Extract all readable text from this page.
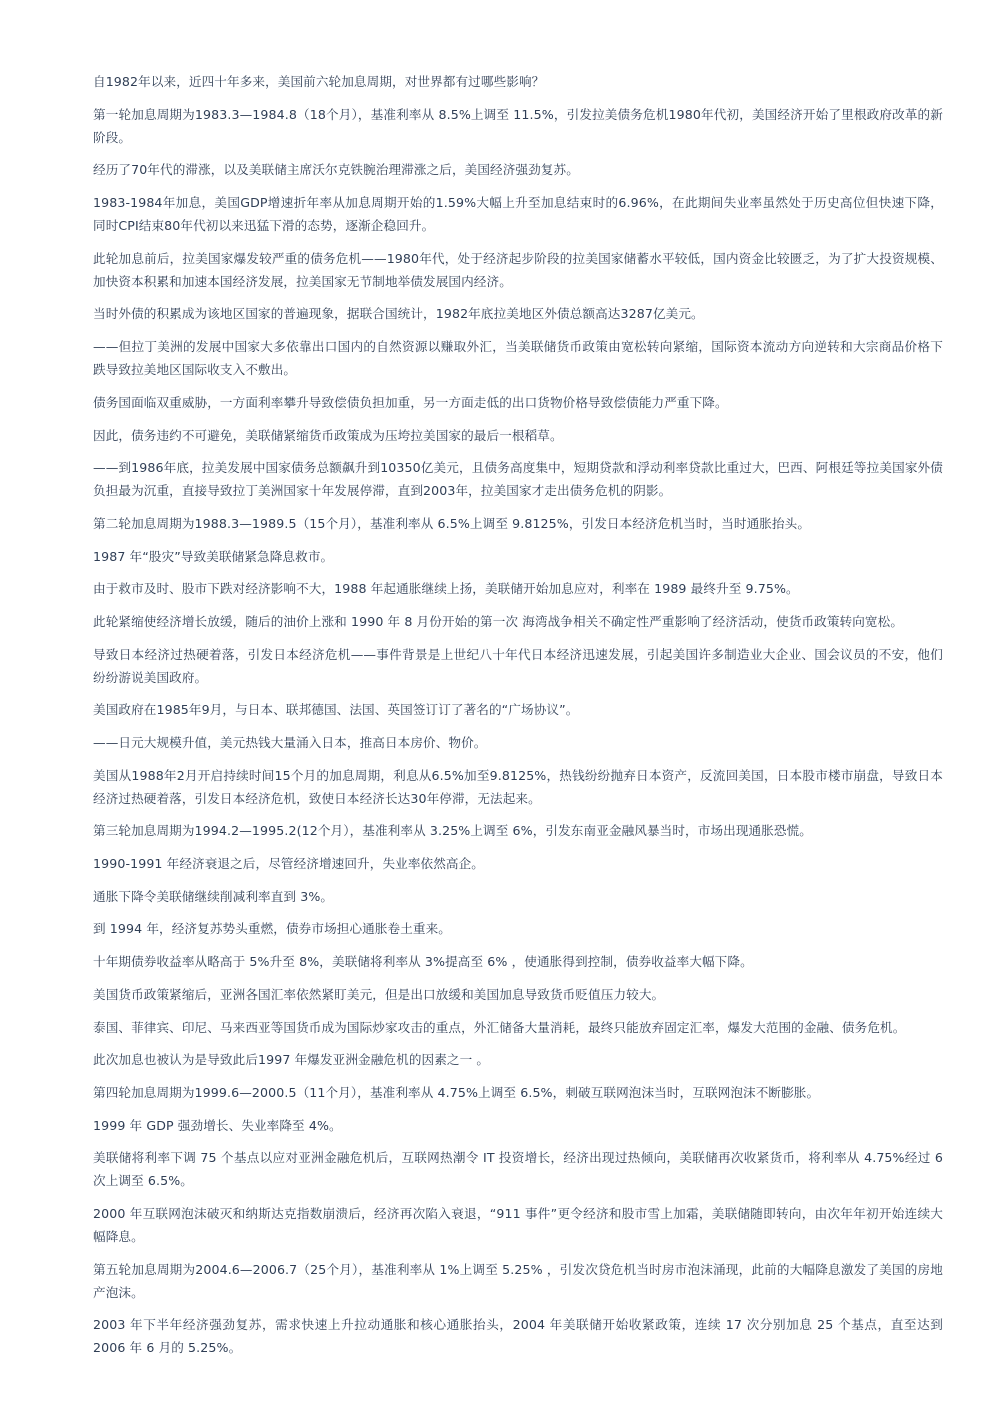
自1982年以来，近四十年多来，美国前六轮加息周期，对世界都有过哪些影响？

第一轮加息周期为1983.3—1984.8（18个月），基准利率从 8.5%上调至 11.5%，引发拉美债务危机1980年代初，美国经济开始了里根政府改革的新阶段。

经历了70年代的滞涨，以及美联储主席沃尔克铁腕治理滞涨之后，美国经济强劲复苏。

1983-1984年加息，美国GDP增速折年率从加息周期开始的1.59%大幅上升至加息结束时的6.96%，在此期间失业率虽然处于历史高位但快速下降，同时CPI结束80年代初以来迅猛下滑的态势，逐渐企稳回升。

此轮加息前后，拉美国家爆发较严重的债务危机——1980年代，处于经济起步阶段的拉美国家储蓄水平较低，国内资金比较匮乏，为了扩大投资规模、加快资本积累和加速本国经济发展，拉美国家无节制地举债发展国内经济。

当时外债的积累成为该地区国家的普遍现象，据联合国统计，1982年底拉美地区外债总额高达3287亿美元。

——但拉丁美洲的发展中国家大多依靠出口国内的自然资源以赚取外汇，当美联储货币政策由宽松转向紧缩，国际资本流动方向逆转和大宗商品价格下跌导致拉美地区国际收支入不敷出。

债务国面临双重威胁，一方面利率攀升导致偿债负担加重，另一方面走低的出口货物价格导致偿债能力严重下降。

因此，债务违约不可避免，美联储紧缩货币政策成为压垮拉美国家的最后一根稻草。

——到1986年底，拉美发展中国家债务总额飙升到10350亿美元，且债务高度集中，短期贷款和浮动利率贷款比重过大，巴西、阿根廷等拉美国家外债负担最为沉重，直接导致拉丁美洲国家十年发展停滞，直到2003年，拉美国家才走出债务危机的阴影。

第二轮加息周期为1988.3—1989.5（15个月），基准利率从 6.5%上调至 9.8125%，引发日本经济危机当时，当时通胀抬头。

1987 年“股灾”导致美联储紧急降息救市。

由于救市及时、股市下跌对经济影响不大，1988 年起通胀继续上扬，美联储开始加息应对，利率在 1989 最终升至 9.75%。

此轮紧缩使经济增长放缓，随后的油价上涨和 1990 年 8 月份开始的第一次 海湾战争相关不确定性严重影响了经济活动，使货币政策转向宽松。

导致日本经济过热硬着落，引发日本经济危机——事件背景是上世纪八十年代日本经济迅速发展，引起美国许多制造业大企业、国会议员的不安，他们纷纷游说美国政府。

美国政府在1985年9月，与日本、联邦德国、法国、英国签订订了著名的“广场协议”。

——日元大规模升值，美元热钱大量涌入日本，推高日本房价、物价。

美国从1988年2月开启持续时间15个月的加息周期，利息从6.5%加至9.8125%，热钱纷纷抛弃日本资产，反流回美国，日本股市楼市崩盘，导致日本经济过热硬着落，引发日本经济危机，致使日本经济长达30年停滞，无法起来。

第三轮加息周期为1994.2—1995.2(12个月），基准利率从 3.25%上调至 6%，引发东南亚金融风暴当时，市场出现通胀恐慌。

1990-1991 年经济衰退之后，尽管经济增速回升，失业率依然高企。

通胀下降令美联储继续削减利率直到 3%。

到 1994 年，经济复苏势头重燃，债券市场担心通胀卷土重来。

十年期债券收益率从略高于 5%升至 8%，美联储将利率从 3%提高至 6% ，使通胀得到控制，债券收益率大幅下降。

美国货币政策紧缩后，亚洲各国汇率依然紧盯美元，但是出口放缓和美国加息导致货币贬值压力较大。

泰国、菲律宾、印尼、马来西亚等国货币成为国际炒家攻击的重点，外汇储备大量消耗，最终只能放弃固定汇率，爆发大范围的金融、债务危机。

此次加息也被认为是导致此后1997 年爆发亚洲金融危机的因素之一 。

第四轮加息周期为1999.6—2000.5（11个月），基准利率从 4.75%上调至 6.5%，刺破互联网泡沫当时，互联网泡沫不断膨胀。

1999 年 GDP 强劲增长、失业率降至 4%。

美联储将利率下调 75 个基点以应对亚洲金融危机后，互联网热潮令 IT 投资增长，经济出现过热倾向，美联储再次收紧货币，将利率从 4.75%经过 6 次上调至 6.5%。

2000 年互联网泡沫破灭和纳斯达克指数崩溃后，经济再次陷入衰退，“911 事件”更令经济和股市雪上加霜，美联储随即转向，由次年年初开始连续大幅降息。

第五轮加息周期为2004.6—2006.7（25个月），基准利率从 1%上调至 5.25% ，引发次贷危机当时房市泡沫涌现，此前的大幅降息激发了美国的房地产泡沫。

2003 年下半年经济强劲复苏，需求快速上升拉动通胀和核心通胀抬头，2004 年美联储开始收紧政策，连续 17 次分别加息 25 个基点，直至达到2006 年 6 月的 5.25%。
